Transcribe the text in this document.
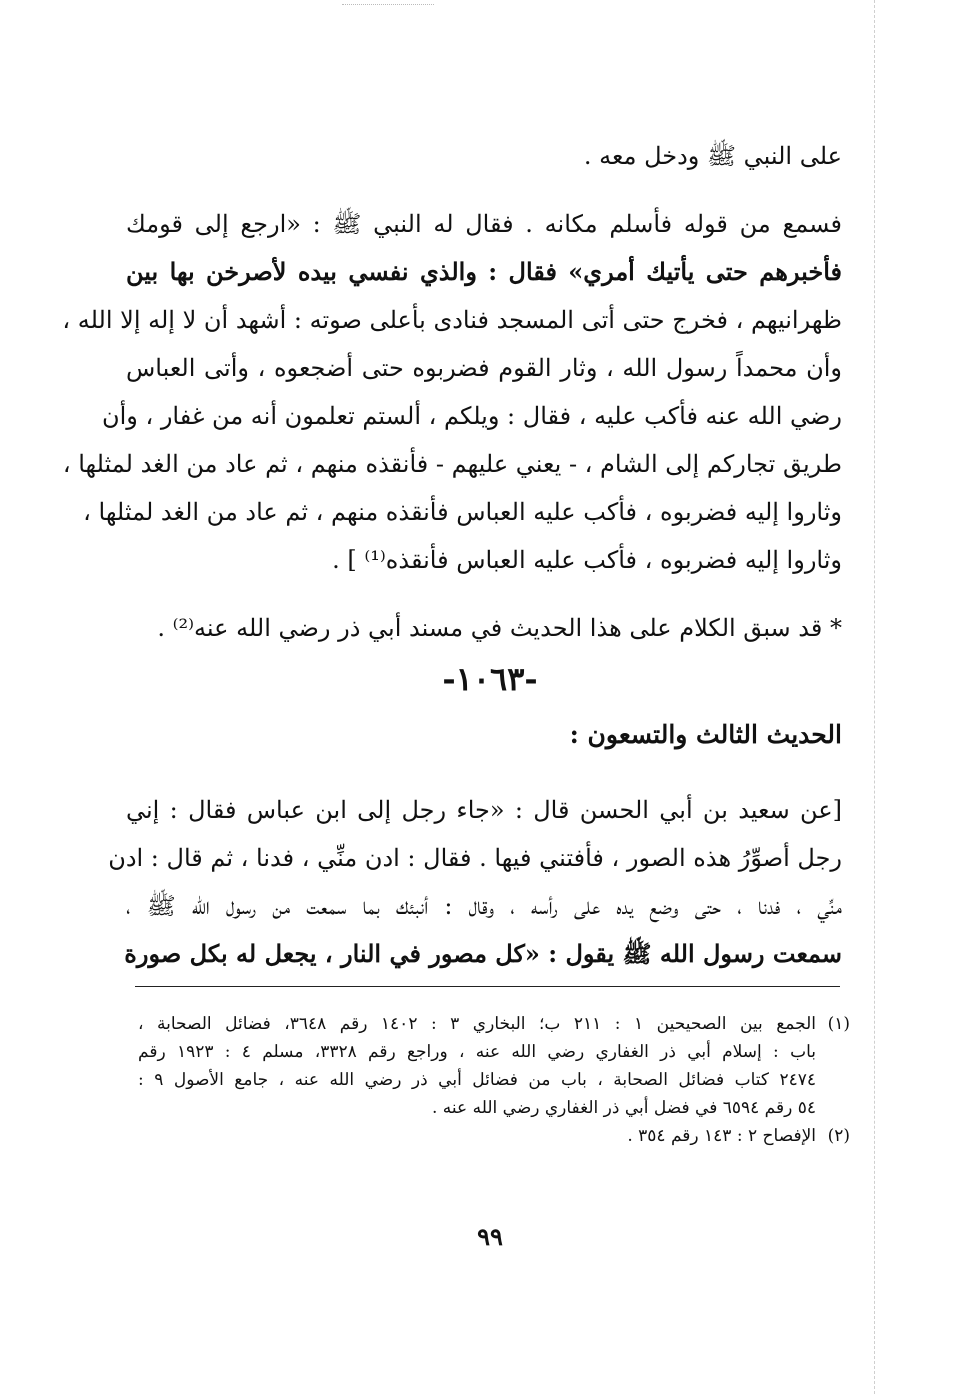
على النبي ﷺ ودخل معه .
فسمع من قوله فأسلم مكانه . فقال له النبي ﷺ : «ارجع إلى قومك
فأخبرهم حتى يأتيك أمري» فقال : والذي نفسي بيده لأصرخن بها بين
ظهرانيهم ، فخرج حتى أتى المسجد فنادى بأعلى صوته : أشهد أن لا إله إلا الله ،
وأن محمداً رسول الله ، وثار القوم فضربوه حتى أضجعوه ، وأتى العباس
رضي الله عنه فأكب عليه ، فقال : ويلكم ، ألستم تعلمون أنه من غفار ، وأن
طريق تجاركم إلى الشام ، - يعني عليهم - فأنقذه منهم ، ثم عاد من الغد لمثلها ،
وثاروا إليه فضربوه ، فأكب عليه العباس فأنقذه منهم ، ثم عاد من الغد لمثلها ،
وثاروا إليه فضربوه ، فأكب عليه العباس فأنقذه⁽¹⁾ ] .
* قد سبق الكلام على هذا الحديث في مسند أبي ذر رضي الله عنه⁽²⁾ .
-١٠٦٣-
الحديث الثالث والتسعون :
[عن سعيد بن أبي الحسن قال : «جاء رجل إلى ابن عباس فقال : إني
رجل أصوِّرُ هذه الصور ، فأفتني فيها . فقال : ادن منِّي ، فدنا ، ثم قال : ادن
منِّي ، فدنا ، حتى وضع يده على رأسه ، وقال : أنبئك بما سمعت من رسول الله ﷺ ،
سمعت رسول الله ﷺ يقول : «كل مصور في النار ، يجعل له بكل صورة
(١)
الجمع بين الصحيحين ١ : ٢١١ ب؛ البخاري ٣ : ١٤٠٢ رقم ٣٦٤٨، فضائل الصحابة ،
باب : إسلام أبي ذر الغفاري رضي الله عنه ، وراجع رقم ٣٣٢٨، مسلم ٤ : ١٩٢٣ رقم
٢٤٧٤ كتاب فضائل الصحابة ، باب من فضائل أبي ذر رضي الله عنه ، جامع الأصول ٩ :
٥٤ رقم ٦٥٩٤ في فضل أبي ذر الغفاري رضي الله عنه .
(٢)
الإفصاح ٢ : ١٤٣ رقم ٣٥٤ .
٩٩
